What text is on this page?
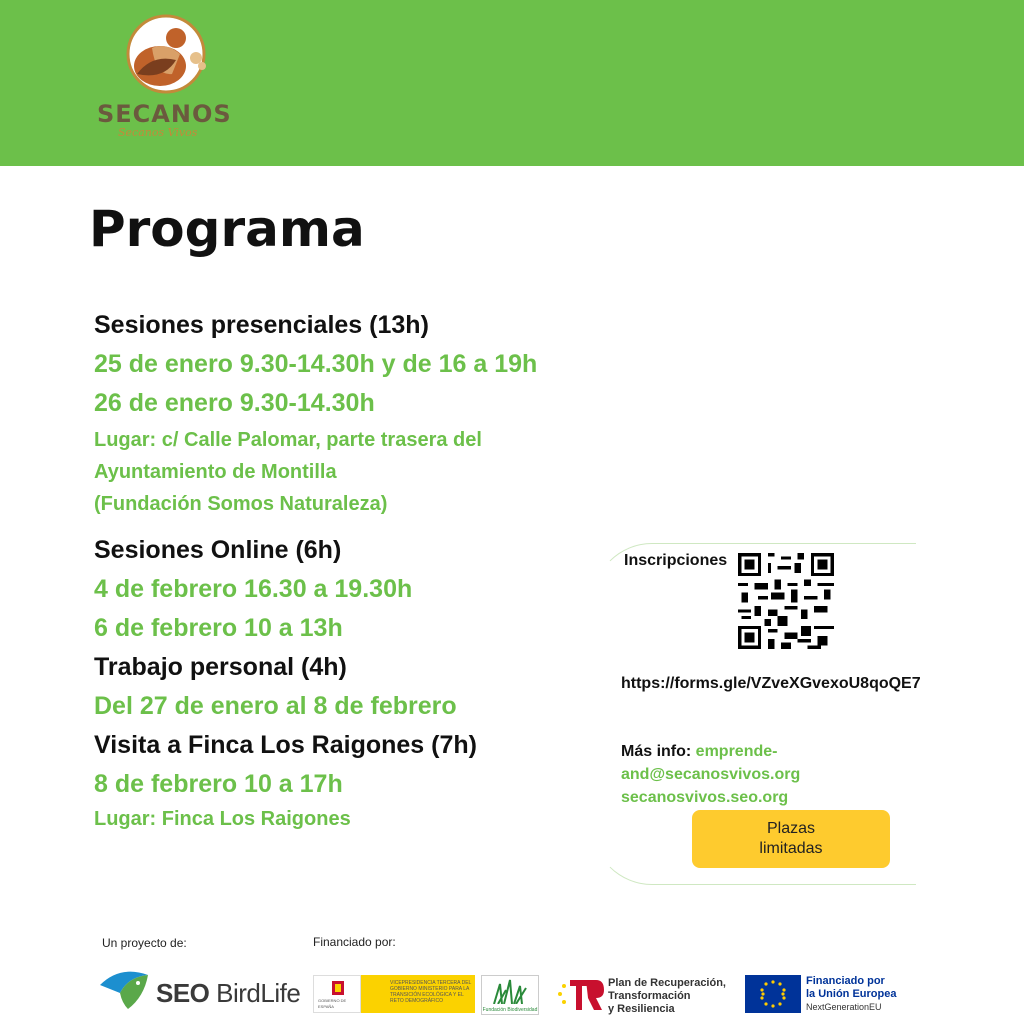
SECANOS
Secanos Vivos
Programa
Sesiones presenciales (13h)
25 de enero 9.30-14.30h y de 16 a 19h
26 de enero 9.30-14.30h
Lugar: c/ Calle Palomar, parte trasera del
Ayuntamiento de Montilla
(Fundación Somos Naturaleza)
Sesiones Online (6h)
4 de febrero 16.30 a 19.30h
6 de febrero 10 a 13h
Trabajo personal (4h)
Del 27 de enero al 8 de febrero
Visita a Finca Los Raigones (7h)
8 de febrero 10 a 17h
Lugar: Finca Los Raigones
Inscripciones
https://forms.gle/VZveXGvexoU8qoQE7
Más info: emprende-and@secanosvivos.org
secanosvivos.seo.org
Plazas
limitadas
Un proyecto de:	Financiado por:
SEO BirdLife	GOBIERNO DE ESPAÑA
VICEPRESIDENCIA TERCERA DEL GOBIERNO MINISTERIO PARA LA TRANSICIÓN ECOLÓGICA Y EL RETO DEMOGRÁFICO
Fundación Biodiversidad
Plan de Recuperación,
Transformación
y Resiliencia
Financiado por
la Unión Europea
NextGenerationEU
